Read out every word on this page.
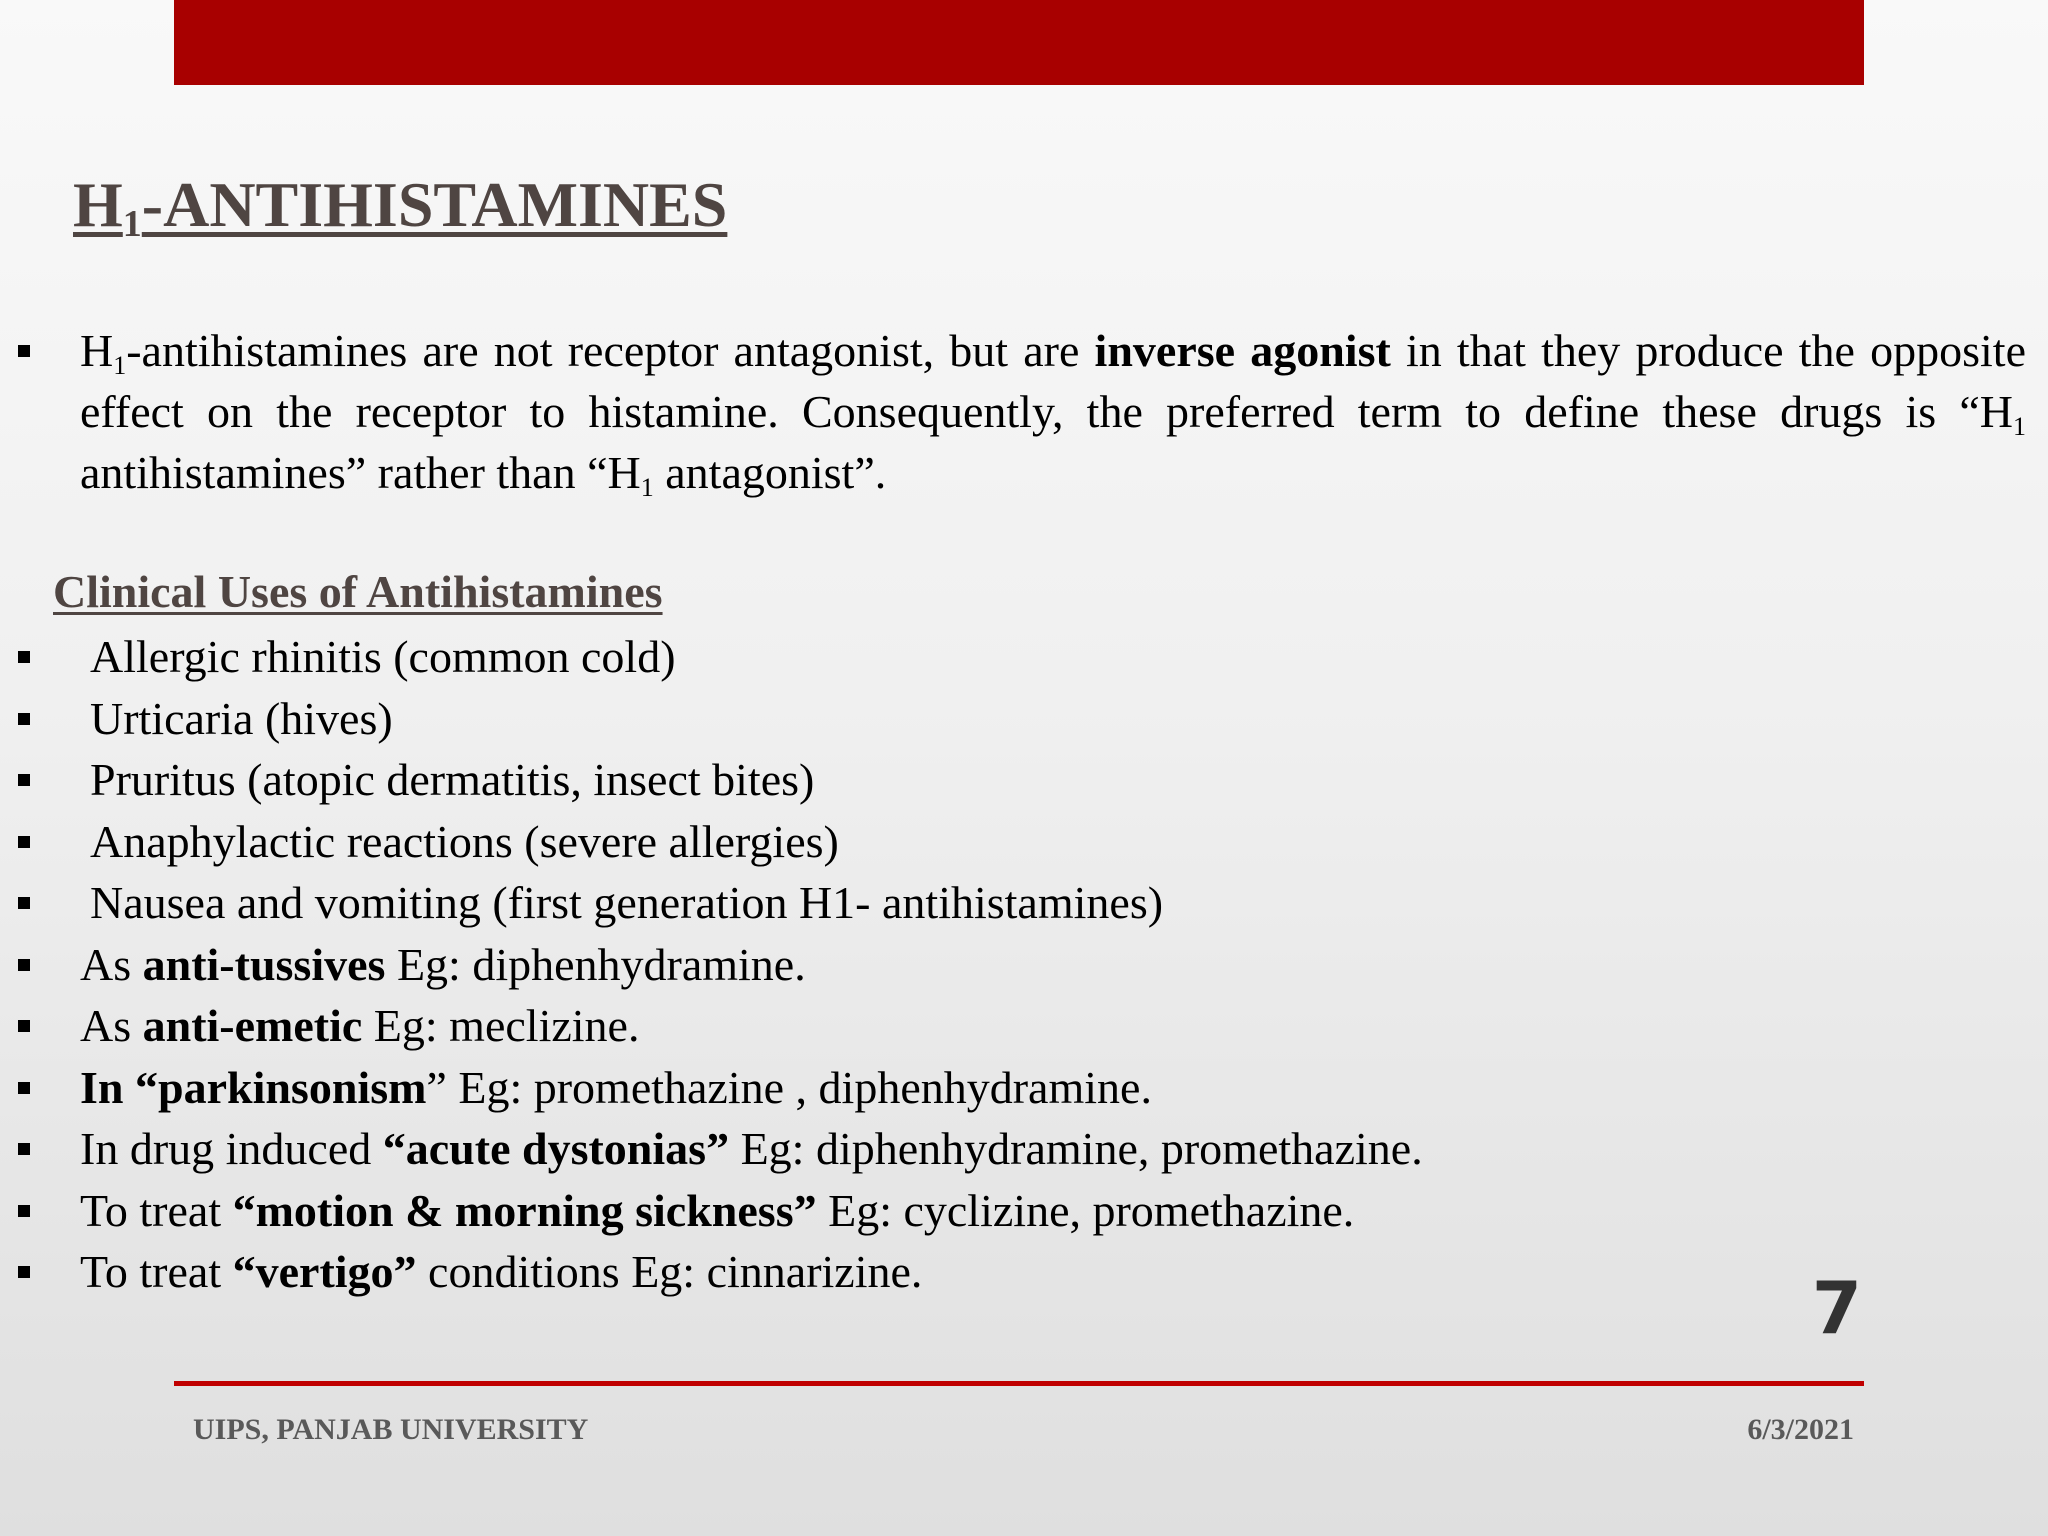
$H_1$-ANTIHISTAMINES

$H_1$-antihistamines are not receptor antagonist, but are inverse agonist in that they produce the opposite effect on the receptor to histamine. Consequently, the preferred term to define these drugs is “$H_1$ antihistamines” rather than “$H_1$ antagonist”.

Clinical Uses of Antihistamines
Allergic rhinitis (common cold)
Urticaria (hives)
Pruritus (atopic dermatitis, insect bites)
Anaphylactic reactions (severe allergies)
Nausea and vomiting (first generation H1- antihistamines)
As anti-tussives Eg: diphenhydramine.
As anti-emetic Eg: meclizine.
In “parkinsonism” Eg: promethazine , diphenhydramine.
In drug induced “acute dystonias” Eg: diphenhydramine, promethazine.
To treat “motion & morning sickness” Eg: cyclizine, promethazine.
To treat “vertigo” conditions Eg: cinnarizine.	7
UIPS, PANJAB UNIVERSITY	6/3/2021
